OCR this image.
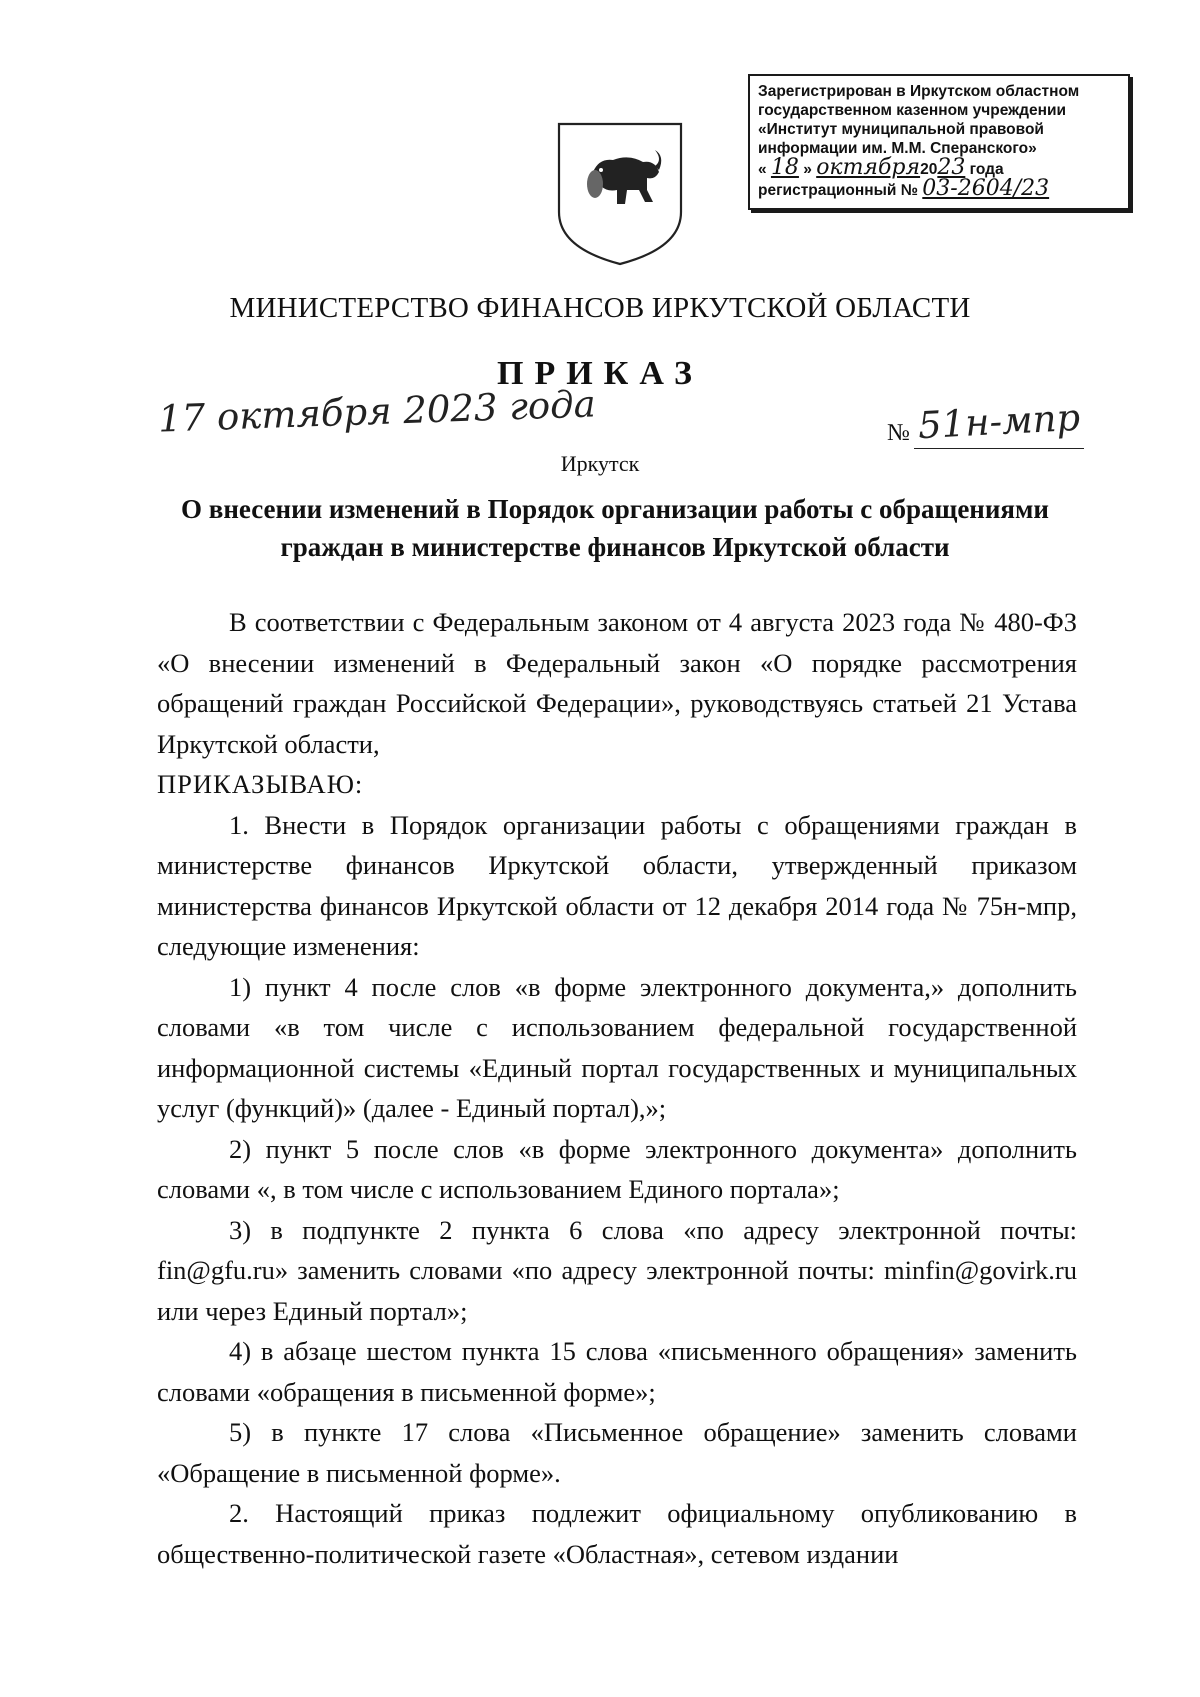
Зарегистрирован в Иркутском областном
государственном казенном учреждении
«Институт муниципальной правовой
информации им. М.М. Сперанского»
« 18 » октября2023 года
регистрационный № 03-2604/23
МИНИСТЕРСТВО ФИНАНСОВ ИРКУТСКОЙ ОБЛАСТИ
ПРИКАЗ
17 октября 2023 года	№ 51н-мпр
Иркутск
О внесении изменений в Порядок организации работы с обращениями
граждан в министерстве финансов Иркутской области

В соответствии с Федеральным законом от 4 августа 2023 года № 480-ФЗ «О внесении изменений в Федеральный закон «О порядке рассмотрения обращений граждан Российской Федерации», руководствуясь статьей 21 Устава Иркутской области,

ПРИКАЗЫВАЮ:

1. Внести в Порядок организации работы с обращениями граждан в министерстве финансов Иркутской области, утвержденный приказом министерства финансов Иркутской области от 12 декабря 2014 года № 75н-мпр, следующие изменения:

1) пункт 4 после слов «в форме электронного документа,» дополнить словами «в том числе с использованием федеральной государственной информационной системы «Единый портал государственных и муниципальных услуг (функций)» (далее - Единый портал),»;

2) пункт 5 после слов «в форме электронного документа» дополнить словами «, в том числе с использованием Единого портала»;

3) в подпункте 2 пункта 6 слова «по адресу электронной почты: fin@gfu.ru» заменить словами «по адресу электронной почты: minfin@govirk.ru или через Единый портал»;

4) в абзаце шестом пункта 15 слова «письменного обращения» заменить словами «обращения в письменной форме»;

5) в пункте 17 слова «Письменное обращение» заменить словами «Обращение в письменной форме».

2. Настоящий приказ подлежит официальному опубликованию в общественно-политической газете «Областная», сетевом издании
